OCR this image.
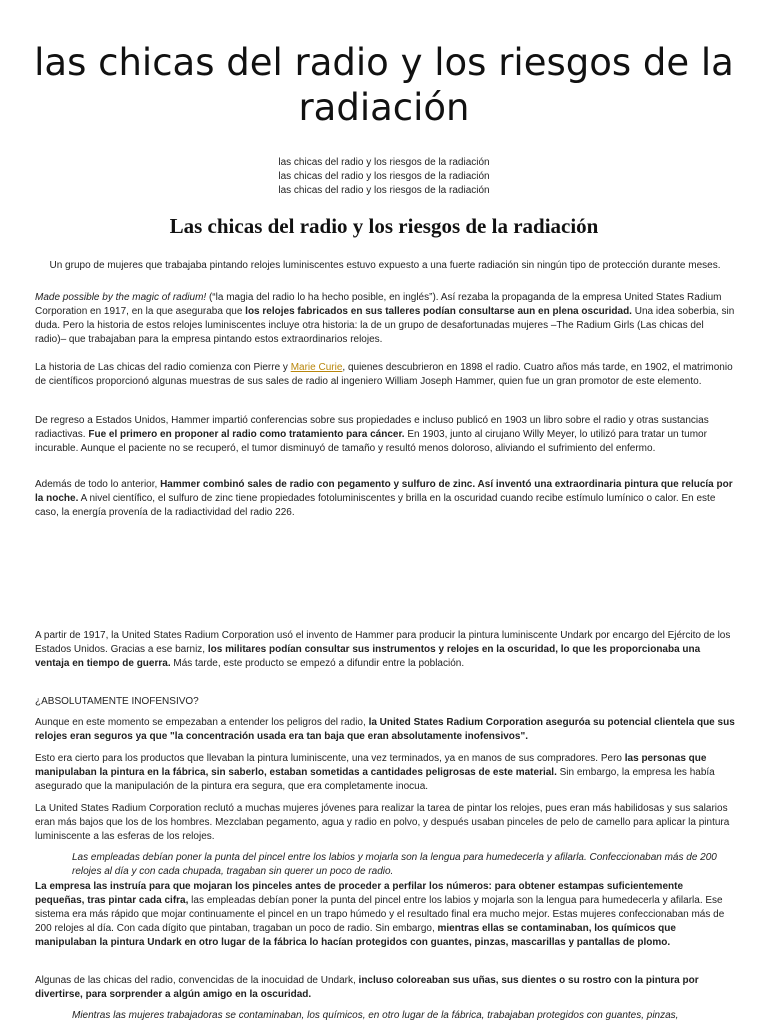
las chicas del radio y los riesgos de la radiación
las chicas del radio y los riesgos de la radiación
las chicas del radio y los riesgos de la radiación
las chicas del radio y los riesgos de la radiación
Las chicas del radio y los riesgos de la radiación
Un grupo de mujeres que trabajaba pintando relojes luminiscentes estuvo expuesto a una fuerte radiación sin ningún tipo de protección durante meses.
Made possible by the magic of radium! (“la magia del radio lo ha hecho posible, en inglés”). Así rezaba la propaganda de la empresa United States Radium Corporation en 1917, en la que aseguraba que los relojes fabricados en sus talleres podían consultarse aun en plena oscuridad. Una idea soberbia, sin duda. Pero la historia de estos relojes luminiscentes incluye otra historia: la de un grupo de desafortunadas mujeres –The Radium Girls (Las chicas del radio)– que trabajaban para la empresa pintando estos extraordinarios relojes.
La historia de Las chicas del radio comienza con Pierre y Marie Curie, quienes descubrieron en 1898 el radio. Cuatro años más tarde, en 1902, el matrimonio de científicos proporcionó algunas muestras de sus sales de radio al ingeniero William Joseph Hammer, quien fue un gran promotor de este elemento.
De regreso a Estados Unidos, Hammer impartió conferencias sobre sus propiedades e incluso publicó en 1903 un libro sobre el radio y otras sustancias radiactivas. Fue el primero en proponer al radio como tratamiento para cáncer. En 1903, junto al cirujano Willy Meyer, lo utilizó para tratar un tumor incurable. Aunque el paciente no se recuperó, el tumor disminuyó de tamaño y resultó menos doloroso, aliviando el sufrimiento del enfermo.
Además de todo lo anterior, Hammer combinó sales de radio con pegamento y sulfuro de zinc. Así inventó una extraordinaria pintura que relucía por la noche. A nivel científico, el sulfuro de zinc tiene propiedades fotoluminiscentes y brilla en la oscuridad cuando recibe estímulo lumínico o calor. En este caso, la energía provenía de la radiactividad del radio 226.
A partir de 1917, la United States Radium Corporation usó el invento de Hammer para producir la pintura luminiscente Undark por encargo del Ejército de los Estados Unidos. Gracias a ese barniz, los militares podían consultar sus instrumentos y relojes en la oscuridad, lo que les proporcionaba una ventaja en tiempo de guerra. Más tarde, este producto se empezó a difundir entre la población.
¿ABSOLUTAMENTE INOFENSIVO?
Aunque en este momento se empezaban a entender los peligros del radio, la United States Radium Corporation aseguróa su potencial clientela que sus relojes eran seguros ya que "la concentración usada era tan baja que eran absolutamente inofensivos".
Esto era cierto para los productos que llevaban la pintura luminiscente, una vez terminados, ya en manos de sus compradores. Pero las personas que manipulaban la pintura en la fábrica, sin saberlo, estaban sometidas a cantidades peligrosas de este material. Sin embargo, la empresa les había asegurado que la manipulación de la pintura era segura, que era completamente inocua.
La United States Radium Corporation reclutó a muchas mujeres jóvenes para realizar la tarea de pintar los relojes, pues eran más habilidosas y sus salarios eran más bajos que los de los hombres. Mezclaban pegamento, agua y radio en polvo, y después usaban pinceles de pelo de camello para aplicar la pintura luminiscente a las esferas de los relojes.
Las empleadas debían poner la punta del pincel entre los labios y mojarla son la lengua para humedecerla y afilarla. Confeccionaban más de 200 relojes al día y con cada chupada, tragaban sin querer un poco de radio.
La empresa las instruía para que mojaran los pinceles antes de proceder a perfilar los números: para obtener estampas suficientemente pequeñas, tras pintar cada cifra, las empleadas debían poner la punta del pincel entre los labios y mojarla son la lengua para humedecerla y afilarla. Ese sistema era más rápido que mojar continuamente el pincel en un trapo húmedo y el resultado final era mucho mejor. Estas mujeres confeccionaban más de 200 relojes al día. Con cada dígito que pintaban, tragaban un poco de radio. Sin embargo, mientras ellas se contaminaban, los químicos que manipulaban la pintura Undark en otro lugar de la fábrica lo hacían protegidos con guantes, pinzas, mascarillas y pantallas de plomo.
Algunas de las chicas del radio, convencidas de la inocuidad de Undark, incluso coloreaban sus uñas, sus dientes o su rostro con la pintura por divertirse, para sorprender a algún amigo en la oscuridad.
Mientras las mujeres trabajadoras se contaminaban, los químicos, en otro lugar de la fábrica, trabajaban protegidos con guantes, pinzas,
